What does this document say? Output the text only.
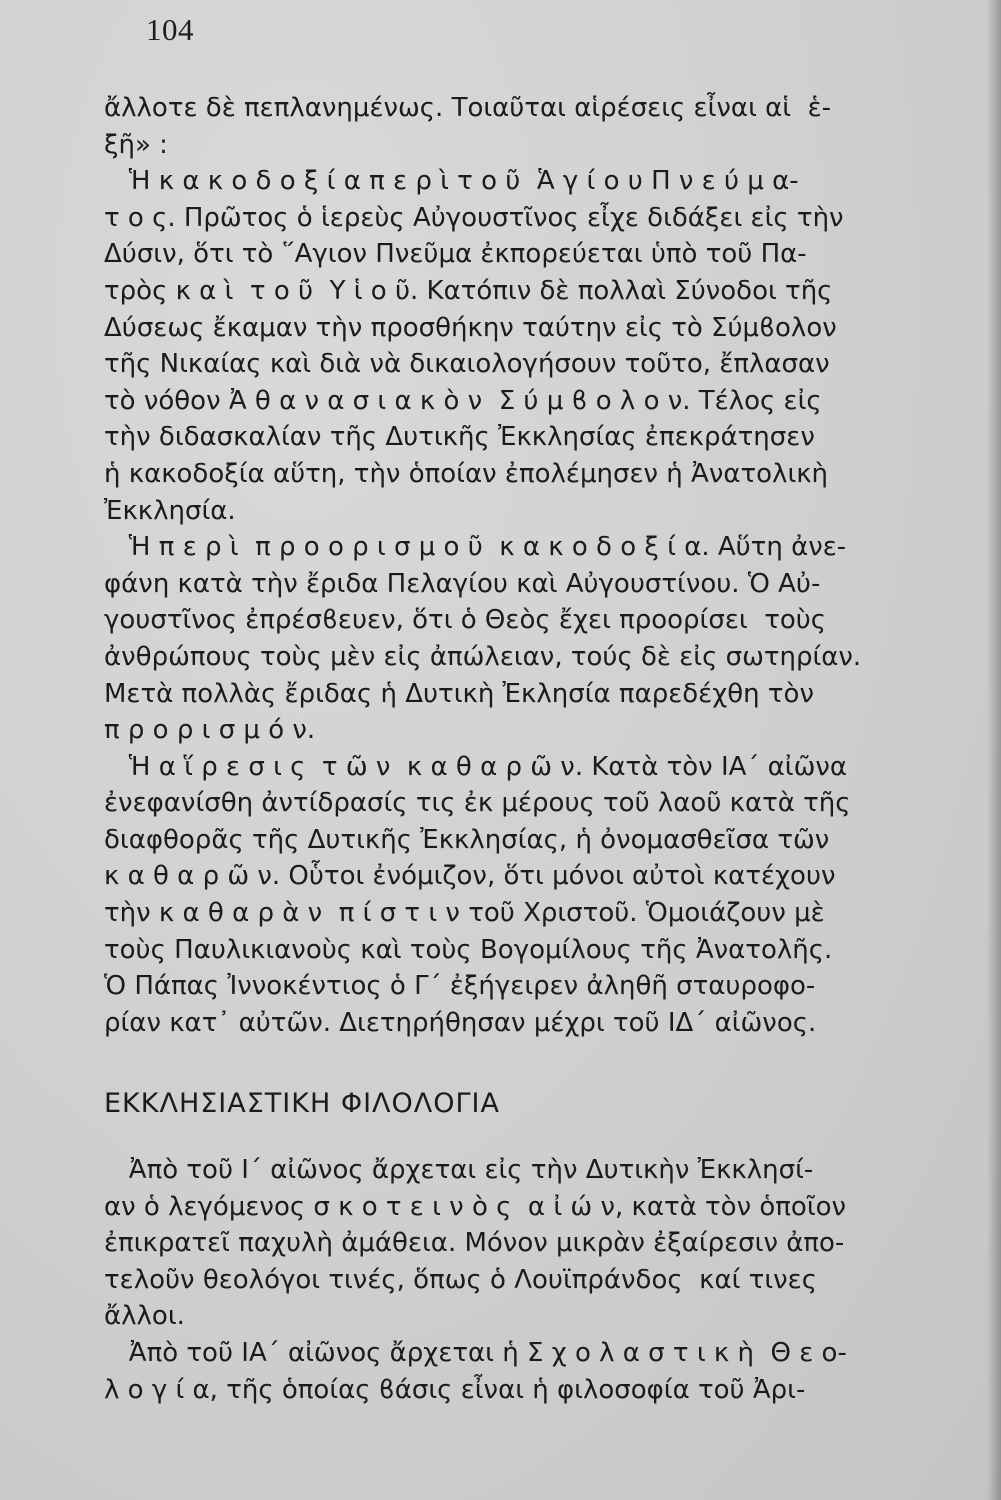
104
ἄλλοτε δὲ πεπλανημένως. Τοιαῦται αἱρέσεις εἶναι αἱ  ἑ-
ξῆ» :
Ἡ κ α κ ο δ ο ξ ί α π ε ρ ὶ τ ο ῦ  Ἁ γ ί ο υ Π ν ε ύ μ α-
τ ο ς. Πρῶτος ὁ ἱερεὺς Αὐγουστῖνος εἶχε διδάξει εἰς τὴν
Δύσιν, ὅτι τὸ ῞Αγιον Πνεῦμα ἐκπορεύεται ὑπὸ τοῦ Πα-
τρὸς κ α ὶ  τ ο ῦ  Υ ἱ ο ῦ. Κατόπιν δὲ πολλαὶ Σύνοδοι τῆς
Δύσεως ἔκαμαν τὴν προσθήκην ταύτην εἰς τὸ Σύμϐολον
τῆς Νικαίας καὶ διὰ νὰ δικαιολογήσουν τοῦτο, ἔπλασαν
τὸ νόθον Ἀ θ α ν α σ ι α κ ὸ ν  Σ ύ μ ϐ ο λ ο ν. Τέλος εἰς
τὴν διδασκαλίαν τῆς Δυτικῆς Ἐκκλησίας ἐπεκράτησεν
ἡ κακοδοξία αὕτη, τὴν ὁποίαν ἐπολέμησεν ἡ Ἀνατολικὴ
Ἐκκλησία.
Ἡ π ε ρ ὶ  π ρ ο ο ρ ι σ μ ο ῦ  κ α κ ο δ ο ξ ί α. Αὕτη ἀνε-
φάνη κατὰ τὴν ἔριδα Πελαγίου καὶ Αὐγουστίνου. Ὁ Αὐ-
γουστῖνος ἐπρέσϐευεν, ὅτι ὁ Θεὸς ἔχει προορίσει  τοὺς
ἀνθρώπους τοὺς μὲν εἰς ἀπώλειαν, τούς δὲ εἰς σωτηρίαν.
Μετὰ πολλὰς ἔριδας ἡ Δυτικὴ Ἐκλησία παρεδέχθη τὸν
π ρ ο ρ ι σ μ ό ν.
Ἡ α ἵ ρ ε σ ι ς  τ ῶ ν  κ α θ α ρ ῶ ν. Κατὰ τὸν ΙΑ΄ αἰῶνα
ἐνεφανίσθη ἀντίδρασίς τις ἐκ μέρους τοῦ λαοῦ κατὰ τῆς
διαφθορᾶς τῆς Δυτικῆς Ἐκκλησίας, ἡ ὀνομασθεῖσα τῶν
κ α θ α ρ ῶ ν. Οὗτοι ἐνόμιζον, ὅτι μόνοι αὐτοὶ κατέχουν
τὴν κ α θ α ρ ὰ ν  π ί σ τ ι ν τοῦ Χριστοῦ. Ὁμοιάζουν μὲ
τοὺς Παυλικιανοὺς καὶ τοὺς Βογομίλους τῆς Ἀνατολῆς.
Ὁ Πάπας Ἰννοκέντιος ὁ Γ΄ ἐξήγειρεν ἀληθῆ σταυροφο-
ρίαν κατ᾿ αὐτῶν. Διετηρήθησαν μέχρι τοῦ ΙΔ΄ αἰῶνος.
ΕΚΚΛΗΣΙΑΣΤΙΚΗ ΦΙΛΟΛΟΓΙΑ
Ἀπὸ τοῦ Ι΄ αἰῶνος ἄρχεται εἰς τὴν Δυτικὴν Ἐκκλησί-
αν ὁ λεγόμενος σ κ ο τ ε ι ν ὸ ς  α ἰ ώ ν, κατὰ τὸν ὁποῖον
ἐπικρατεῖ παχυλὴ ἀμάθεια. Μόνον μικρὰν ἐξαίρεσιν ἀπο-
τελοῦν θεολόγοι τινές, ὅπως ὁ Λουϊπράνδος  καί τινες
ἄλλοι.
Ἀπὸ τοῦ ΙΑ΄ αἰῶνος ἄρχεται ἡ Σ χ ο λ α σ τ ι κ ὴ  Θ ε ο-
λ ο γ ί α, τῆς ὁποίας ϐάσις εἶναι ἡ φιλοσοφία τοῦ Ἀρι-
